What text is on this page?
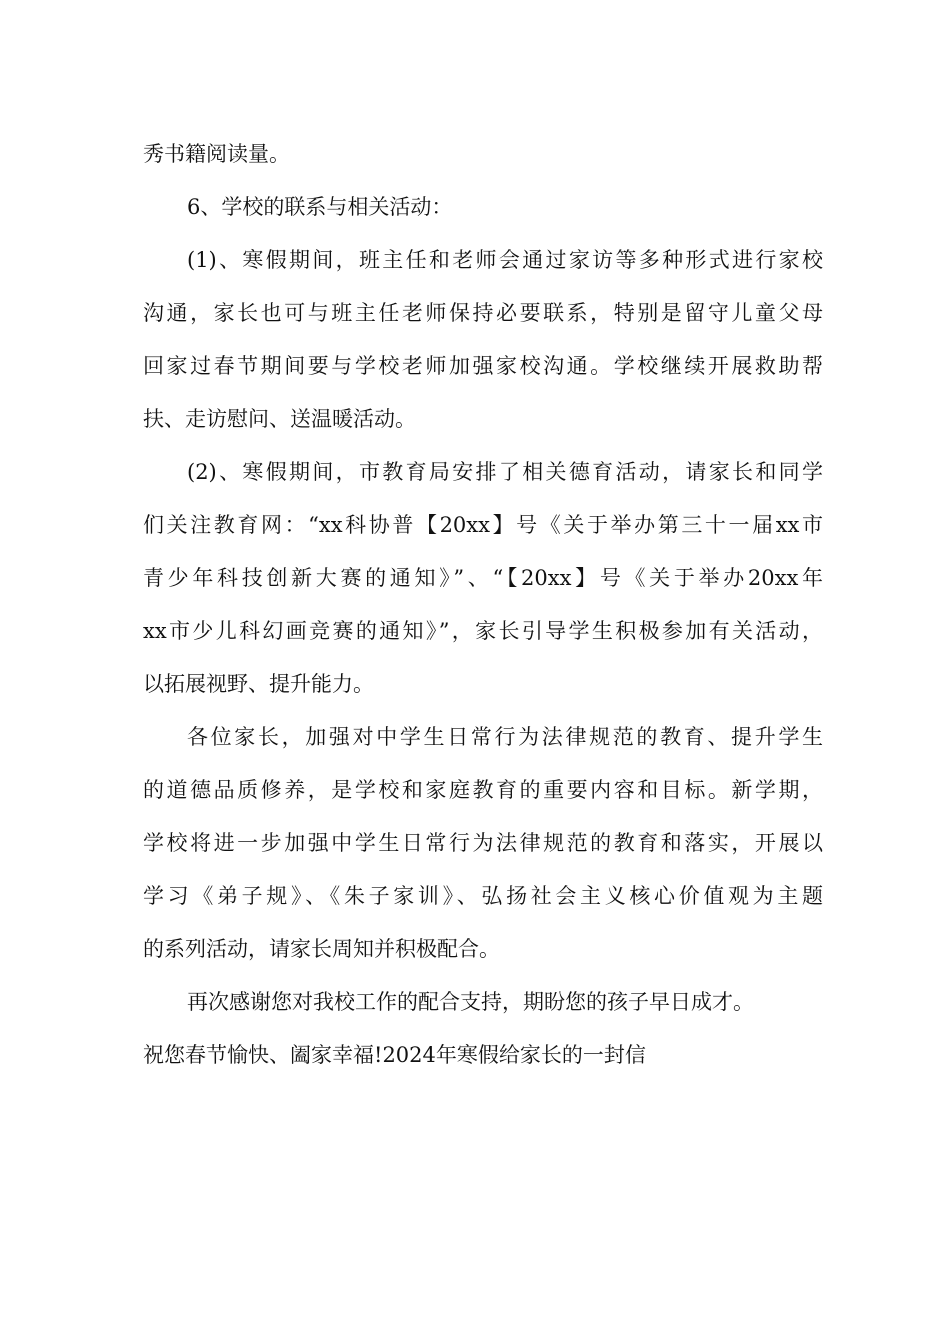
秀书籍阅读量。
6、学校的联系与相关活动：
(1)、寒假期间，班主任和老师会通过家访等多种形式进行家校
沟通，家长也可与班主任老师保持必要联系，特别是留守儿童父母
回家过春节期间要与学校老师加强家校沟通。学校继续开展救助帮
扶、走访慰问、送温暖活动。
(2)、寒假期间，市教育局安排了相关德育活动，请家长和同学
们关注教育网：“xx科协普【20xx】号《关于举办第三十一届xx市
青少年科技创新大赛的通知》”、“【20xx】号《关于举办20xx年
xx市少儿科幻画竞赛的通知》”，家长引导学生积极参加有关活动，
以拓展视野、提升能力。
各位家长，加强对中学生日常行为法律规范的教育、提升学生
的道德品质修养，是学校和家庭教育的重要内容和目标。新学期，
学校将进一步加强中学生日常行为法律规范的教育和落实，开展以
学习《弟子规》、《朱子家训》、弘扬社会主义核心价值观为主题
的系列活动，请家长周知并积极配合。
再次感谢您对我校工作的配合支持，期盼您的孩子早日成才。
祝您春节愉快、阖家幸福!2024年寒假给家长的一封信
